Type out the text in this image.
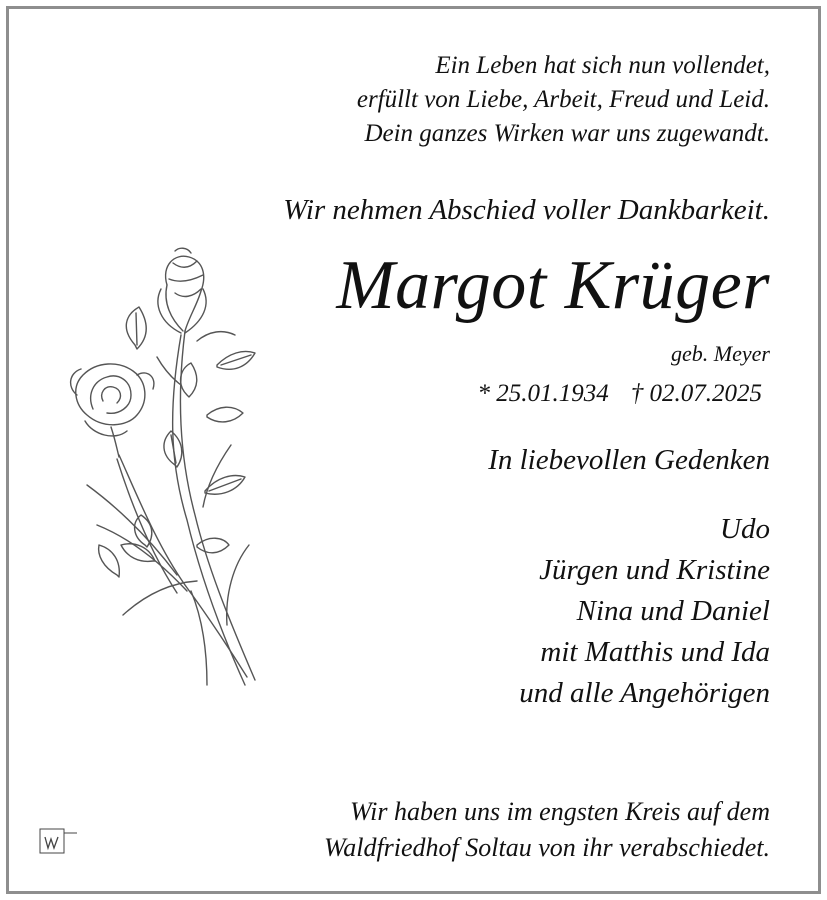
Ein Leben hat sich nun vollendet,
erfüllt von Liebe, Arbeit, Freud und Leid.
Dein ganzes Wirken war uns zugewandt.
Wir nehmen Abschied voller Dankbarkeit.
Margot Krüger
geb. Meyer
* 25.01.1934 † 02.07.2025
In liebevollen Gedenken
Udo
Jürgen und Kristine
Nina und Daniel
mit Matthis und Ida
und alle Angehörigen
Wir haben uns im engsten Kreis auf dem
Waldfriedhof Soltau von ihr verabschiedet.
